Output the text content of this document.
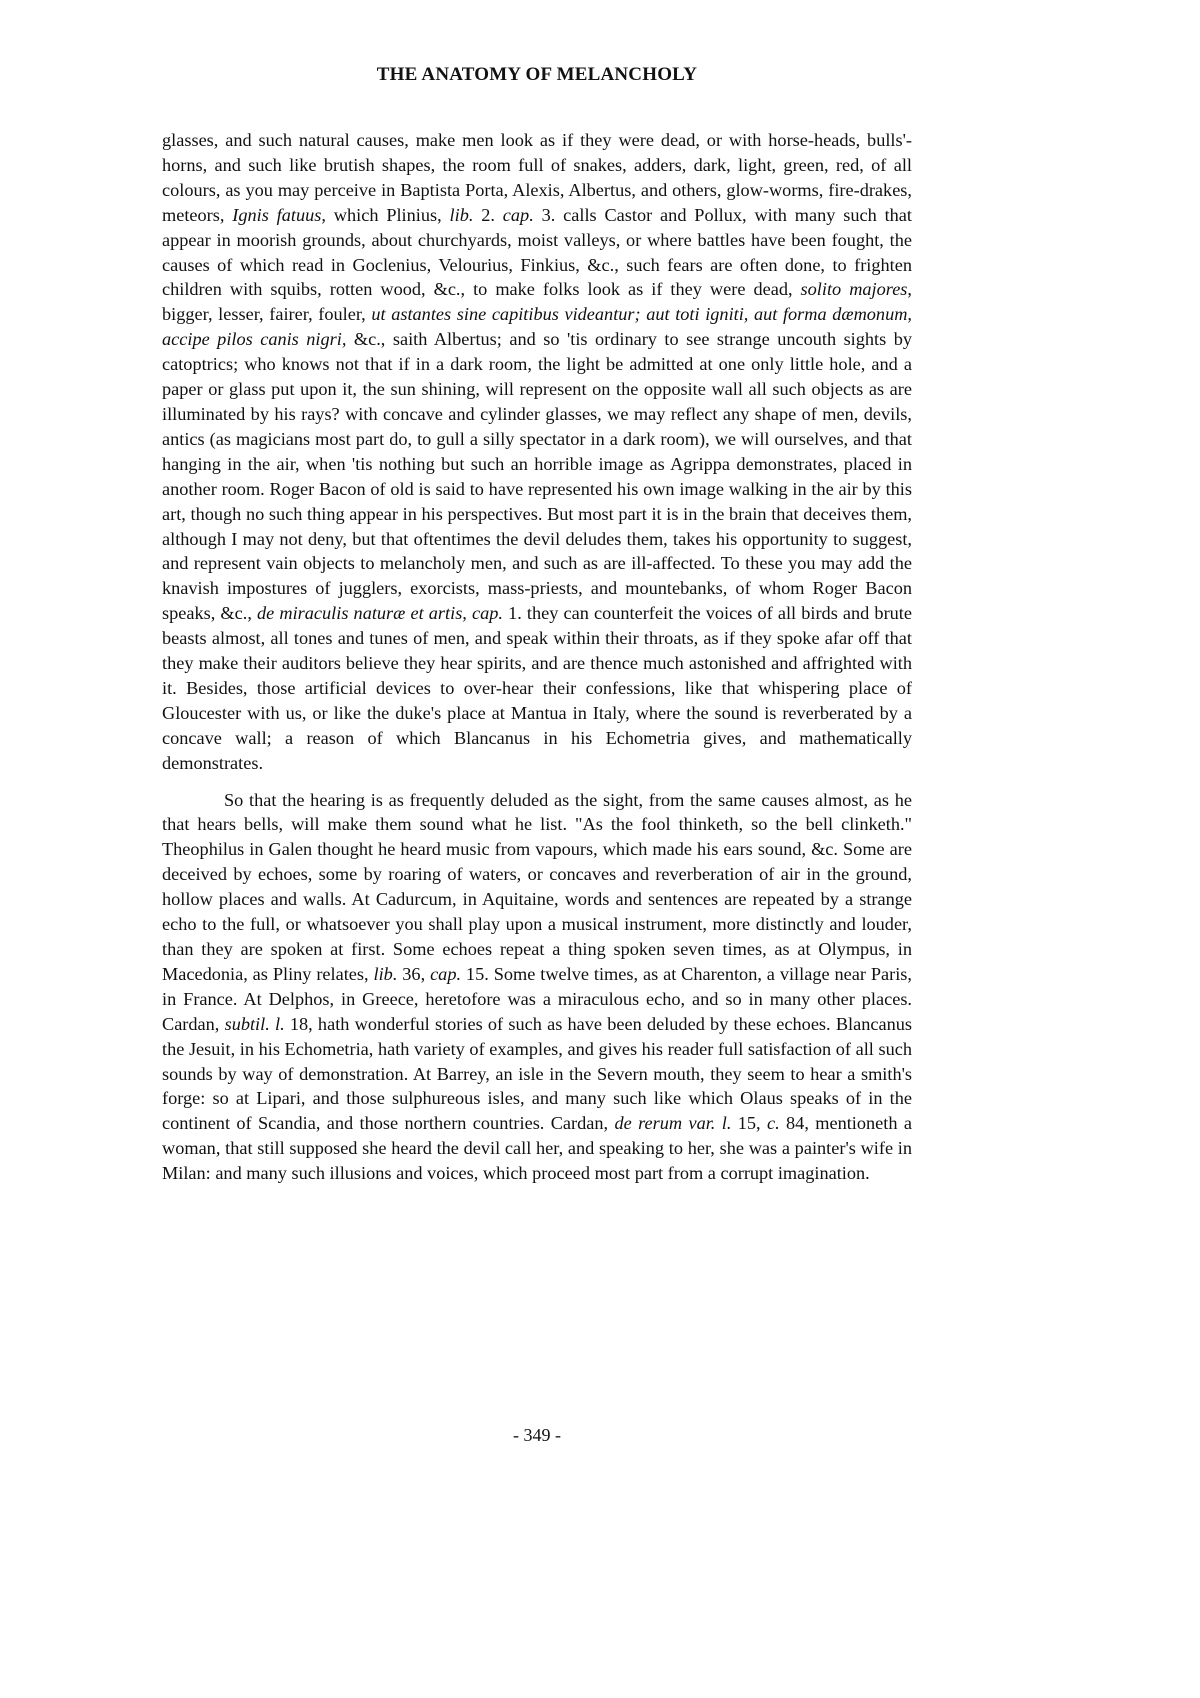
THE ANATOMY OF MELANCHOLY

glasses, and such natural causes, make men look as if they were dead, or with horse-heads, bulls'-horns, and such like brutish shapes, the room full of snakes, adders, dark, light, green, red, of all colours, as you may perceive in Baptista Porta, Alexis, Albertus, and others, glow-worms, fire-drakes, meteors, Ignis fatuus, which Plinius, lib. 2. cap. 3. calls Castor and Pollux, with many such that appear in moorish grounds, about churchyards, moist valleys, or where battles have been fought, the causes of which read in Goclenius, Velourius, Finkius, &c., such fears are often done, to frighten children with squibs, rotten wood, &c., to make folks look as if they were dead, solito majores, bigger, lesser, fairer, fouler, ut astantes sine capitibus videantur; aut toti igniti, aut forma dæmonum, accipe pilos canis nigri, &c., saith Albertus; and so 'tis ordinary to see strange uncouth sights by catoptrics; who knows not that if in a dark room, the light be admitted at one only little hole, and a paper or glass put upon it, the sun shining, will represent on the opposite wall all such objects as are illuminated by his rays? with concave and cylinder glasses, we may reflect any shape of men, devils, antics (as magicians most part do, to gull a silly spectator in a dark room), we will ourselves, and that hanging in the air, when 'tis nothing but such an horrible image as Agrippa demonstrates, placed in another room. Roger Bacon of old is said to have represented his own image walking in the air by this art, though no such thing appear in his perspectives. But most part it is in the brain that deceives them, although I may not deny, but that oftentimes the devil deludes them, takes his opportunity to suggest, and represent vain objects to melancholy men, and such as are ill-affected. To these you may add the knavish impostures of jugglers, exorcists, mass-priests, and mountebanks, of whom Roger Bacon speaks, &c., de miraculis naturæ et artis, cap. 1. they can counterfeit the voices of all birds and brute beasts almost, all tones and tunes of men, and speak within their throats, as if they spoke afar off that they make their auditors believe they hear spirits, and are thence much astonished and affrighted with it. Besides, those artificial devices to over-hear their confessions, like that whispering place of Gloucester with us, or like the duke's place at Mantua in Italy, where the sound is reverberated by a concave wall; a reason of which Blancanus in his Echometria gives, and mathematically demonstrates.

So that the hearing is as frequently deluded as the sight, from the same causes almost, as he that hears bells, will make them sound what he list. "As the fool thinketh, so the bell clinketh." Theophilus in Galen thought he heard music from vapours, which made his ears sound, &c. Some are deceived by echoes, some by roaring of waters, or concaves and reverberation of air in the ground, hollow places and walls. At Cadurcum, in Aquitaine, words and sentences are repeated by a strange echo to the full, or whatsoever you shall play upon a musical instrument, more distinctly and louder, than they are spoken at first. Some echoes repeat a thing spoken seven times, as at Olympus, in Macedonia, as Pliny relates, lib. 36, cap. 15. Some twelve times, as at Charenton, a village near Paris, in France. At Delphos, in Greece, heretofore was a miraculous echo, and so in many other places. Cardan, subtil. l. 18, hath wonderful stories of such as have been deluded by these echoes. Blancanus the Jesuit, in his Echometria, hath variety of examples, and gives his reader full satisfaction of all such sounds by way of demonstration. At Barrey, an isle in the Severn mouth, they seem to hear a smith's forge: so at Lipari, and those sulphureous isles, and many such like which Olaus speaks of in the continent of Scandia, and those northern countries. Cardan, de rerum var. l. 15, c. 84, mentioneth a woman, that still supposed she heard the devil call her, and speaking to her, she was a painter's wife in Milan: and many such illusions and voices, which proceed most part from a corrupt imagination.

- 349 -
